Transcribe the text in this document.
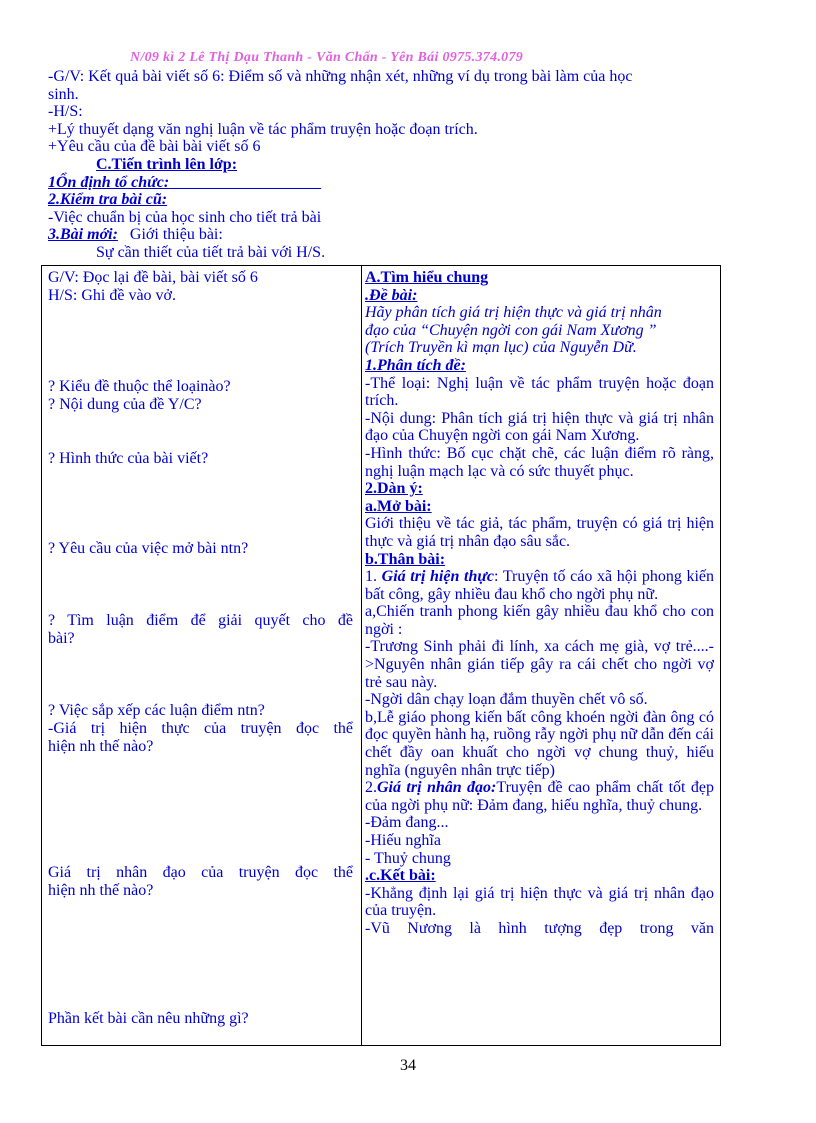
N/09 kì 2 Lê Thị Dạu Thanh - Văn Chấn - Yên Bái 0975.374.079
-G/V: Kết quả bài viết số 6: Điểm số và những nhận xét, những ví dụ trong bài làm của học
sinh.
-H/S:
+Lý thuyết dạng văn nghị luận về tác phẩm truyện hoặc đoạn trích.
+Yêu cầu của đề bài bài viết số 6
C.Tiến trình lên lớp:
1Ổn định tổ chức:
2.Kiểm tra bài cũ:
-Việc chuẩn bị của học sinh cho tiết trả bài
3.Bài mới: Giới thiệu bài:
Sự cần thiết của tiết trả bài với H/S.
G/V: Đọc lại đề bài, bài viết số 6
H/S: Ghi đề vào vở.
? Kiểu đề thuộc thể loạinào?
? Nội dung của đề Y/C?
? Hình thức của bài viết?
? Yêu cầu của việc mở bài ntn?
? Tìm luận điểm để giải quyết cho đề
bài?
? Việc sắp xếp các luận điểm ntn?
-Giá trị hiện thực của truyện đọc thể
hiện nh thế nào?
Giá trị nhân đạo của truyện đọc thể
hiện nh thế nào?
Phần kết bài cần nêu những gì?
A.Tìm hiểu chung
.Đề bài:
Hãy phân tích giá trị hiện thực và giá trị nhân
đạo của “Chuyện ngời con gái Nam Xương ”
(Trích Truyền kì mạn lục) của Nguyễn Dữ.
1.Phân tích đề:
-Thể loại: Nghị luận về tác phẩm truyện hoặc đoạn trích.
-Nội dung: Phân tích giá trị hiện thực và giá trị nhân đạo của Chuyện ngời con gái Nam Xương.
-Hình thức: Bố cục chặt chẽ, các luận điểm rõ ràng, nghị luận mạch lạc và có sức thuyết phục.
2.Dàn ý:
a.Mở bài:
Giới thiệu về tác giả, tác phẩm, truyện có giá trị hiện thực và giá trị nhân đạo sâu sắc.
b.Thân bài:
1. Giá trị hiện thực: Truyện tố cáo xã hội phong kiến bất công, gây nhiều đau khổ cho ngời phụ nữ.
a,Chiến tranh phong kiến gây nhiều đau khổ cho con ngời :
-Trương Sinh phải đi lính, xa cách mẹ già, vợ trẻ....->Nguyên nhân gián tiếp gây ra cái chết cho ngời vợ trẻ sau này.
-Ngời dân chạy loạn đắm thuyền chết vô số.
b,Lễ giáo phong kiến bất công khoén ngời đàn ông có đọc quyền hành hạ, ruồng rẫy ngời phụ nữ dẫn đến cái chết đầy oan khuất cho ngời vợ chung thuỷ, hiếu nghĩa (nguyên nhân trực tiếp)
2.Giá trị nhân đạo:Truyện đề cao phẩm chất tốt đẹp của ngời phụ nữ: Đảm đang, hiếu nghĩa, thuỷ chung.
-Đảm đang...
-Hiếu nghĩa
- Thuỷ chung
.c.Kết bài:
-Khẳng định lại giá trị hiện thực và giá trị nhân đạo của truyện.
-Vũ Nương là hình tượng đẹp trong văn
34
